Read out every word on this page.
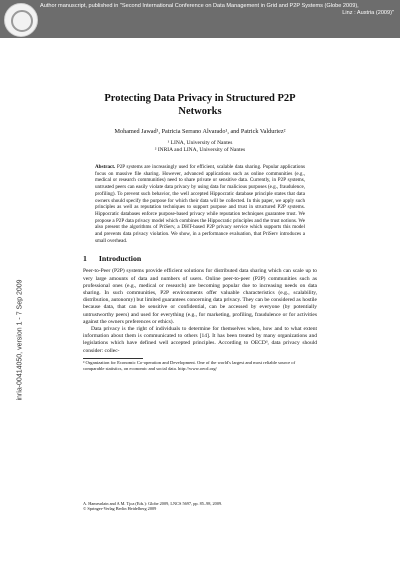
Author manuscript, published in "Second International Conference on Data Management in Grid and P2P Systems (Globe 2009),
Linz : Austria (2009)"
inria-00414050, version 1 - 7 Sep 2009
Protecting Data Privacy in Structured P2P
Networks
Mohamed Jawad¹, Patricia Serrano Alvarado¹, and Patrick Valduriez²
¹ LINA, University of Nantes
² INRIA and LINA, University of Nantes
Abstract. P2P systems are increasingly used for efficient, scalable data sharing. Popular applications focus on massive file sharing. However, advanced applications such as online communities (e.g., medical or research communities) need to share private or sensitive data. Currently, in P2P systems, untrusted peers can easily violate data privacy by using data for malicious purposes (e.g., fraudulence, profiling). To prevent such behavior, the well accepted Hippocratic database principle states that data owners should specify the purpose for which their data will be collected. In this paper, we apply such principles as well as reputation techniques to support purpose and trust in structured P2P systems. Hippocratic databases enforce purpose-based privacy while reputation techniques guarantee trust. We propose a P2P data privacy model which combines the Hippocratic principles and the trust notions. We also present the algorithms of PriServ, a DHT-based P2P privacy service which supports this model and prevents data privacy violation. We show, in a performance evaluation, that PriServ introduces a small overhead.
1 Introduction

Peer-to-Peer (P2P) systems provide efficient solutions for distributed data sharing which can scale up to very large amounts of data and numbers of users. Online peer-to-peer (P2P) communities such as professional ones (e.g., medical or research) are becoming popular due to increasing needs on data sharing. In such communities, P2P environments offer valuable characteristics (e.g., scalability, distribution, autonomy) but limited guarantees concerning data privacy. They can be considered as hostile because data, that can be sensitive or confidential, can be accessed by everyone (by potentially untrustworthy peers) and used for everything (e.g., for marketing, profiling, fraudulence or for activities against the owners preferences or ethics).

Data privacy is the right of individuals to determine for themselves when, how and to what extent information about them is communicated to others [14]. It has been treated by many organizations and legislations which have defined well accepted principles. According to OECD³, data privacy should consider: collec-

³ Organization for Economic Co-operation and Development. One of the world's largest and most reliable source of comparable statistics, on economic and social data. http://www.oecd.org/
A. Hameurlain and A M. Tjoa (Eds.): Globe 2009, LNCS 5697, pp. 85–98, 2009.
© Springer-Verlag Berlin Heidelberg 2009
